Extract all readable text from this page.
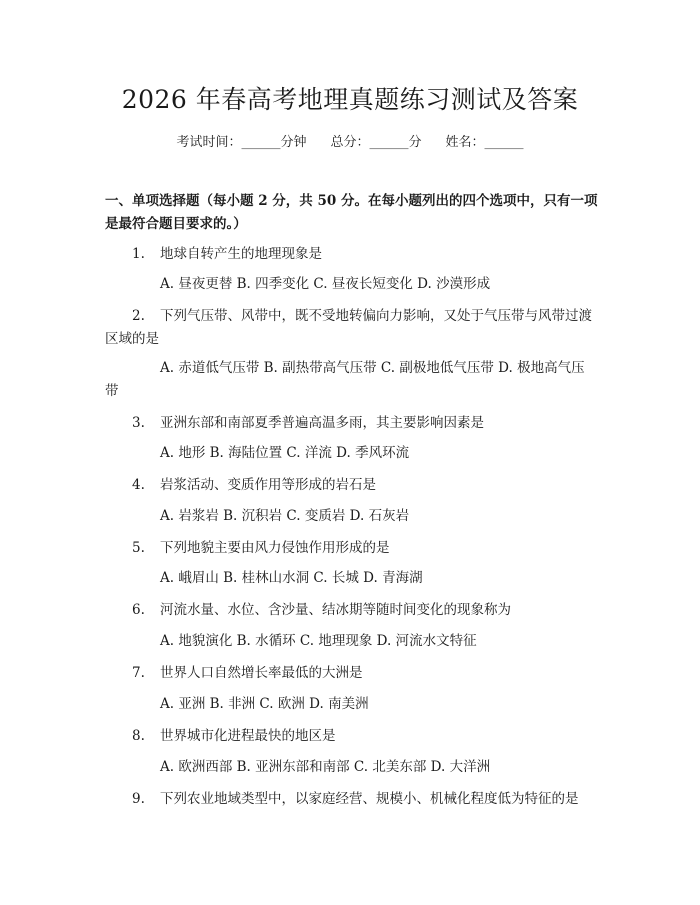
2026 年春高考地理真题练习测试及答案
考试时间：______分钟 总分：______分 姓名：______
一、单项选择题（每小题 2 分，共 50 分。在每小题列出的四个选项中，只有一项是最符合题目要求的。）
1. 地球自转产生的地理现象是
A. 昼夜更替 B. 四季变化 C. 昼夜长短变化 D. 沙漠形成
2. 下列气压带、风带中，既不受地转偏向力影响，又处于气压带与风带过渡区域的是
A. 赤道低气压带 B. 副热带高气压带 C. 副极地低气压带 D. 极地高气压带
3. 亚洲东部和南部夏季普遍高温多雨，其主要影响因素是
A. 地形 B. 海陆位置 C. 洋流 D. 季风环流
4. 岩浆活动、变质作用等形成的岩石是
A. 岩浆岩 B. 沉积岩 C. 变质岩 D. 石灰岩
5. 下列地貌主要由风力侵蚀作用形成的是
A. 峨眉山 B. 桂林山水洞 C. 长城 D. 青海湖
6. 河流水量、水位、含沙量、结冰期等随时间变化的现象称为
A. 地貌演化 B. 水循环 C. 地理现象 D. 河流水文特征
7. 世界人口自然增长率最低的大洲是
A. 亚洲 B. 非洲 C. 欧洲 D. 南美洲
8. 世界城市化进程最快的地区是
A. 欧洲西部 B. 亚洲东部和南部 C. 北美东部 D. 大洋洲
9. 下列农业地域类型中，以家庭经营、规模小、机械化程度低为特征的是
